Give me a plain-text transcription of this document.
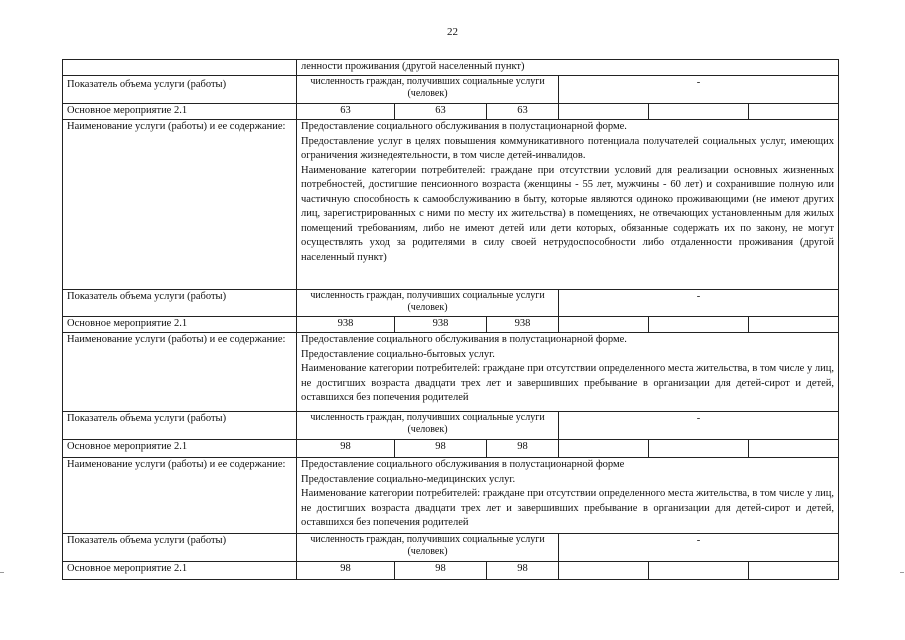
22
	ленности проживания (другой населенный пункт)					
Показатель объема услуги (работы)	численность граждан, получивших социальные услуги (человек)			-		
Основное мероприятие 2.1	63	63	63			
Наименование услуги (работы) и ее содержание:	Предоставление социального обслуживания в полустационарной форме.
Предоставление услуг в целях повышения коммуникативного потенциала получателей социальных услуг, имеющих ограничения жизнедеятельности, в том числе детей-инвалидов.
Наименование категории потребителей: граждане при отсутствии условий для реализации основных жизненных потребностей, достигшие пенсионного возраста (женщины - 55 лет, мужчины - 60 лет) и сохранившие полную или частичную способность к самообслуживанию в быту, которые являются одиноко проживающими (не имеют других лиц, зарегистрированных с ними по месту их жительства) в помещениях, не отвечающих установленным для жилых помещений требованиям, либо не имеют детей или дети которых, обязанные содержать их по закону, не могут осуществлять уход за родителями в силу своей нетрудоспособности либо отдаленности проживания (другой населенный пункт)					

Показатель объема услуги (работы)	численность граждан, получивших социальные услуги (человек)			-		
Основное мероприятие 2.1	938	938	938			
Наименование услуги (работы) и ее содержание:	Предоставление социального обслуживания в полустационарной форме.
Предоставление социально-бытовых услуг.
Наименование категории потребителей: граждане при отсутствии определенного места жительства, в том числе у лиц, не достигших возраста двадцати трех лет и завершивших пребывание в организации для детей-сирот и детей, оставшихся без попечения родителей					

Показатель объема услуги (работы)	численность граждан, получивших социальные услуги (человек)			-		
Основное мероприятие 2.1	98	98	98			
Наименование услуги (работы) и ее содержание:	Предоставление социального обслуживания в полустационарной форме
Предоставление социально-медицинских услуг.
Наименование категории потребителей: граждане при отсутствии определенного места жительства, в том числе у лиц, не достигших возраста двадцати трех лет и завершивших пребывание в организации для детей-сирот и детей, оставшихся без попечения родителей					

Показатель объема услуги (работы)	численность граждан, получивших социальные услуги (человек)			-		
Основное мероприятие 2.1	98	98	98			
